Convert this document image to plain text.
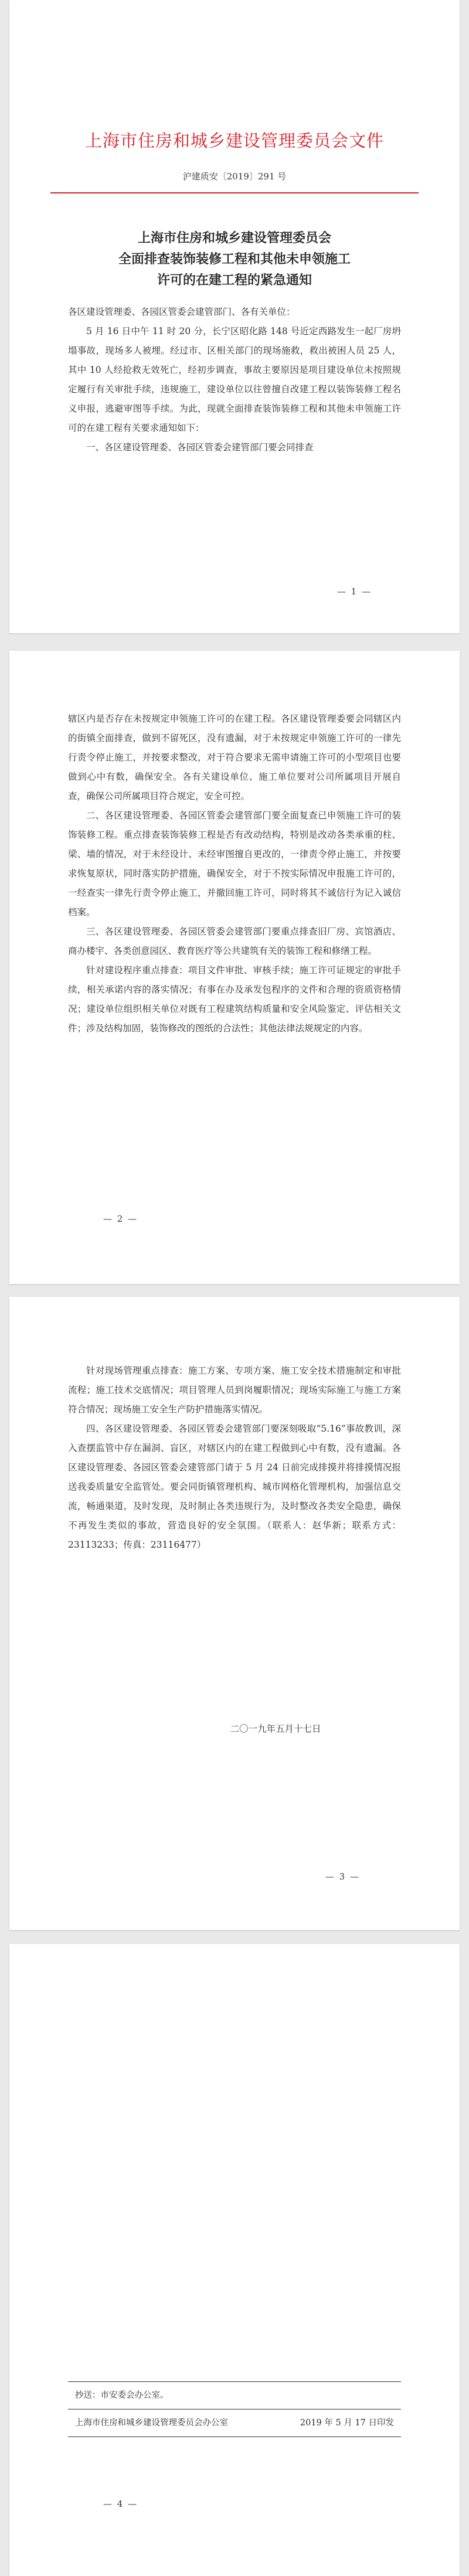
上海市住房和城乡建设管理委员会文件
沪建质安〔2019〕291 号
上海市住房和城乡建设管理委员会
全面排查装饰装修工程和其他未申领施工
许可的在建工程的紧急通知

各区建设管理委、各园区管委会建管部门、各有关单位：

5 月 16 日中午 11 时 20 分，长宁区昭化路 148 号近定西路发生一起厂房坍塌事故，现场多人被埋。经过市、区相关部门的现场施救，救出被困人员 25 人，其中 10 人经抢救无效死亡，经初步调查，事故主要原因是项目建设单位未按照规定履行有关审批手续，违规施工，建设单位以往曾擅自改建工程以装饰装修工程名义申报，逃避审图等手续。为此，现就全面排查装饰装修工程和其他未申领施工许可的在建工程有关要求通知如下：

一、各区建设管理委、各园区管委会建管部门要会同排查

— 1 —

辖区内是否存在未按规定申领施工许可的在建工程。各区建设管理委要会同辖区内的街镇全面排查，做到不留死区，没有遗漏，对于未按规定申领施工许可的一律先行责令停止施工，并按要求整改，对于符合要求无需申请施工许可的小型项目也要做到心中有数，确保安全。各有关建设单位、施工单位要对公司所属项目开展自查，确保公司所属项目符合规定，安全可控。

二、各区建设管理委、各园区管委会建管部门要全面复查已申领施工许可的装饰装修工程。重点排查装饰装修工程是否有改动结构，特别是改动各类承重的柱、梁、墙的情况，对于未经设计、未经审图擅自更改的，一律责令停止施工，并按要求恢复原状，同时落实防护措施，确保安全，对于不按实际情况申报施工许可的，一经查实一律先行责令停止施工，并撤回施工许可，同时将其不诚信行为记入诚信档案。

三、各区建设管理委、各园区管委会建管部门要重点排查旧厂房、宾馆酒店、商办楼宇、各类创意园区、教育医疗等公共建筑有关的装饰工程和修缮工程。

针对建设程序重点排查：项目文件审批、审核手续；施工许可证规定的审批手续，相关承诺内容的落实情况；有事在办及承发包程序的文件和合理的资质资格情况；建设单位组织相关单位对既有工程建筑结构质量和安全风险鉴定、评估相关文件；涉及结构加固，装饰修改的图纸的合法性；其他法律法规规定的内容。

— 2 —

针对现场管理重点排查：施工方案、专项方案、施工安全技术措施制定和审批流程；施工技术交底情况；项目管理人员到岗履职情况；现场实际施工与施工方案符合情况；现场施工安全生产防护措施落实情况。

四、各区建设管理委、各园区管委会建管部门要深刻吸取“5.16”事故教训，深入查摆监管中存在漏洞、盲区，对辖区内的在建工程做到心中有数，没有遗漏。各区建设管理委、各园区管委会建管部门请于 5 月 24 日前完成排摸并将排摸情况报送我委质量安全监管处。要会同街镇管理机构、城市网格化管理机构，加强信息交流，畅通渠道，及时发现，及时制止各类违规行为，及时整改各类安全隐患，确保不再发生类似的事故，营造良好的安全氛围。（联系人：赵华新；联系方式：23113233；传真：23116477）

二〇一九年五月十七日
— 3 —
抄送：市安委会办公室。
上海市住房和城乡建设管理委员会办公室	2019 年 5 月 17 日印发
— 4 —
